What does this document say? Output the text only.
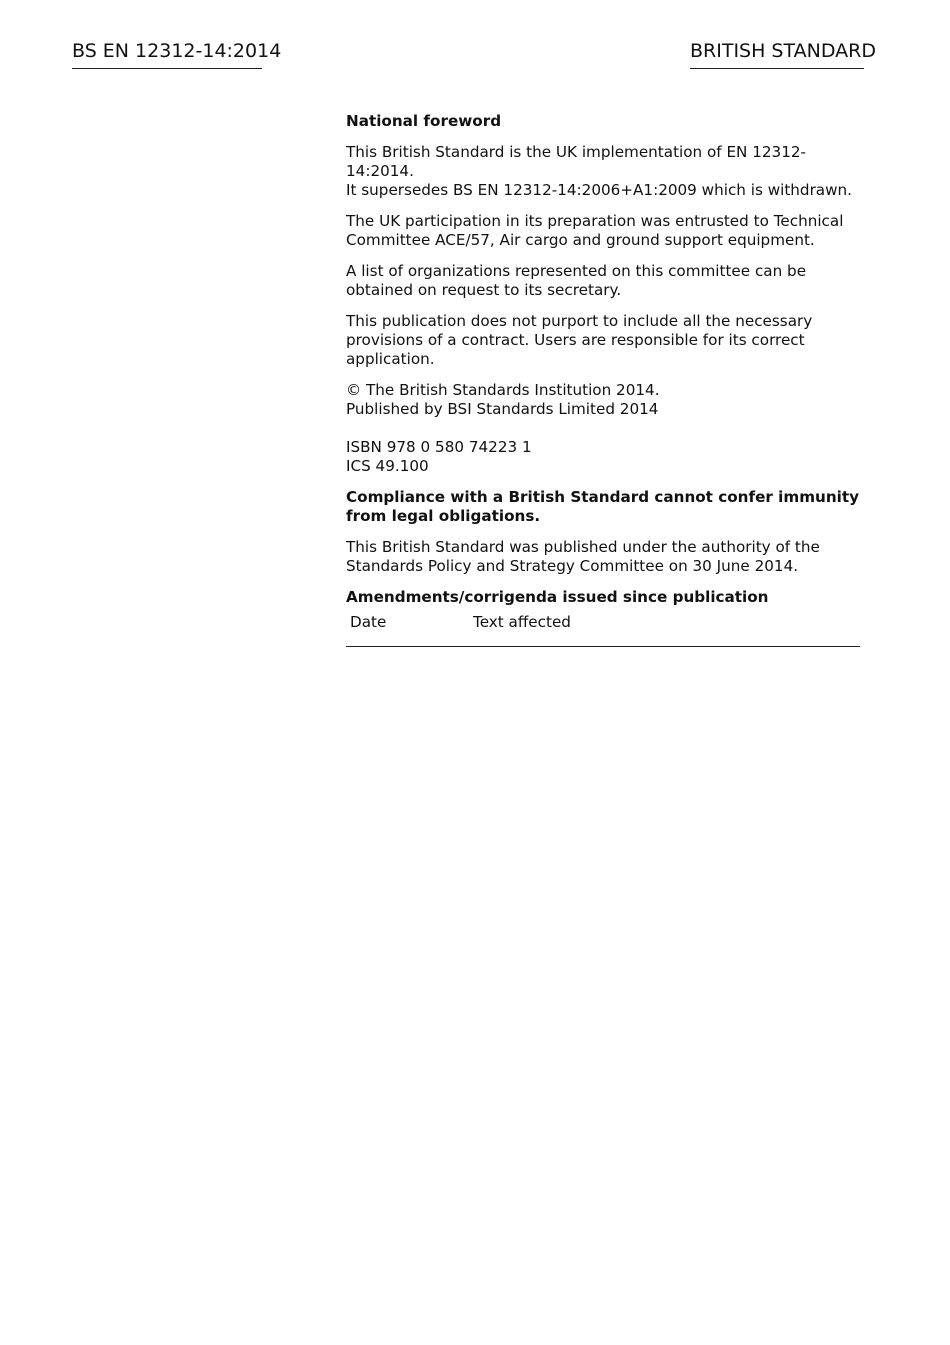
BS EN 12312-14:2014	BRITISH STANDARD

National foreword

This British Standard is the UK implementation of EN 12312-14:2014.
It supersedes BS EN 12312-14:2006+A1:2009 which is withdrawn.

The UK participation in its preparation was entrusted to Technical Committee ACE/57, Air cargo and ground support equipment.

A list of organizations represented on this committee can be obtained on request to its secretary.

This publication does not purport to include all the necessary provisions of a contract. Users are responsible for its correct application.

© The British Standards Institution 2014.
Published by BSI Standards Limited 2014

ISBN 978 0 580 74223 1
ICS 49.100

Compliance with a British Standard cannot confer immunity from legal obligations.

This British Standard was published under the authority of the Standards Policy and Strategy Committee on 30 June 2014.

Amendments/corrigenda issued since publication

Date	Text affected
